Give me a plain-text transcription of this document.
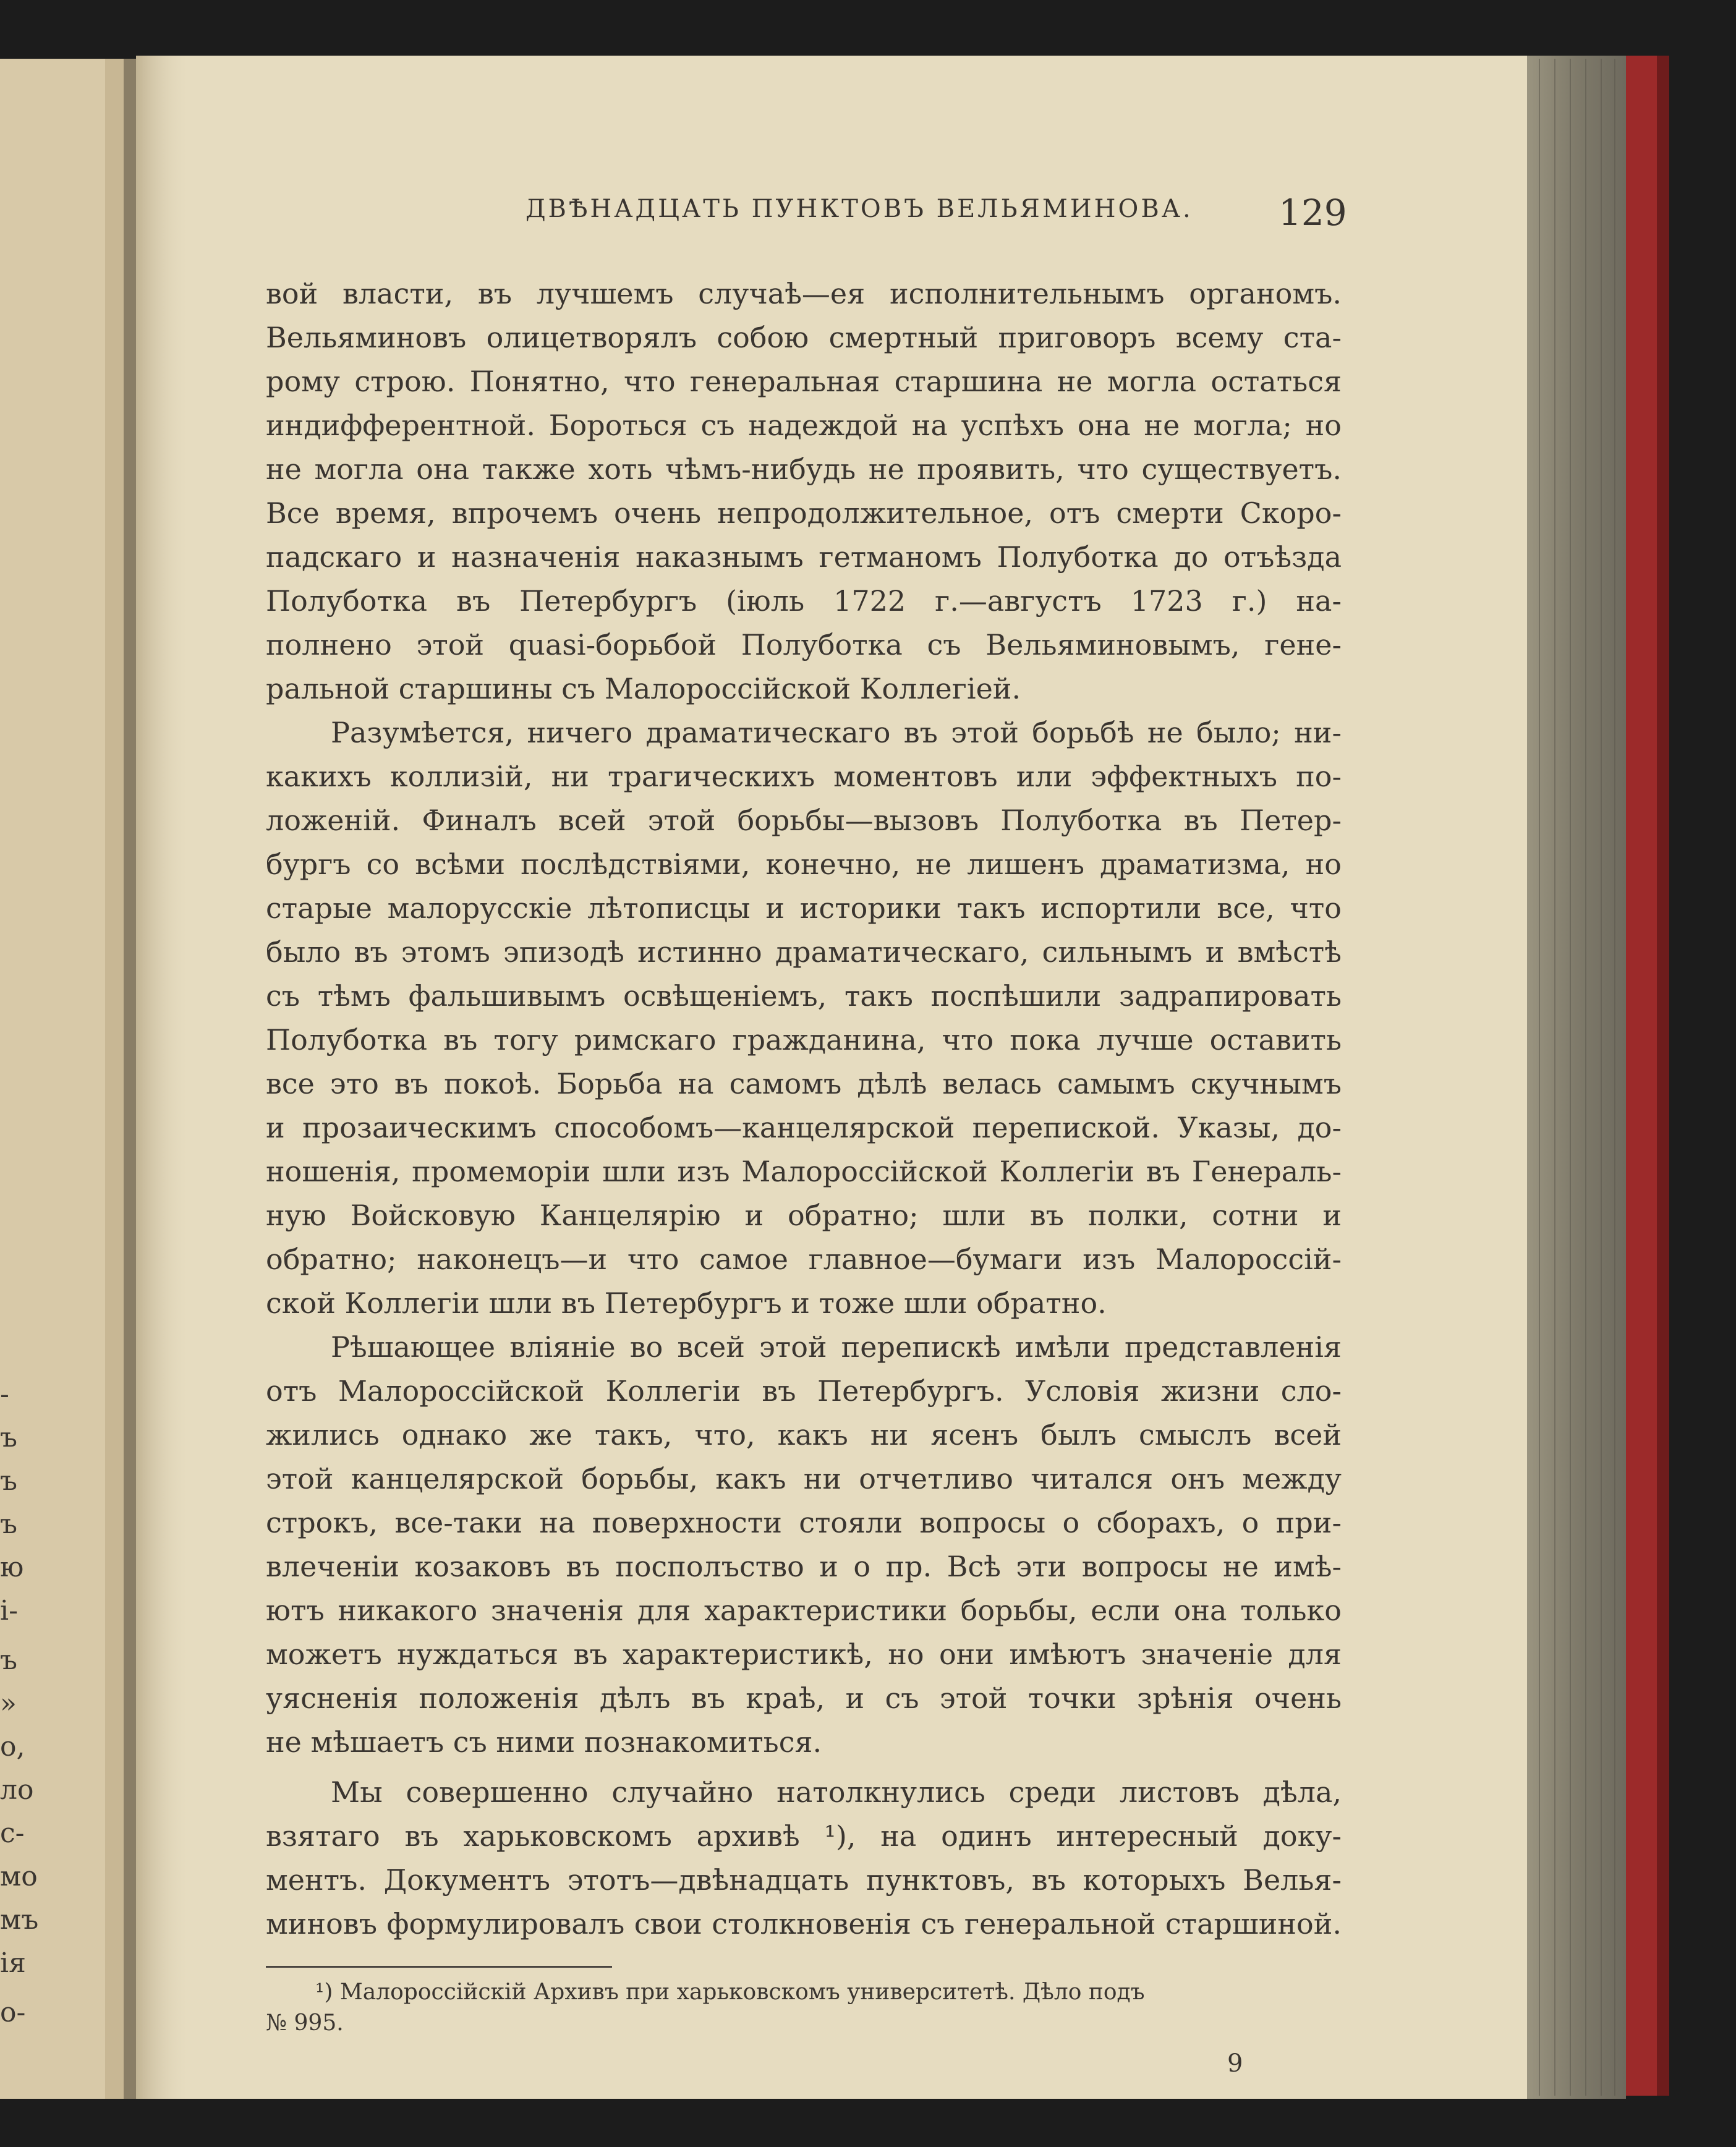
-
ъ
ъ
ъ
ю
і-
ъ
»
о,
ло
с-
мо
мъ
ія
о-
ДВѢНАДЦАТЬ ПУНКТОВЪ ВЕЛЬЯМИНОВА. 129
вой власти, въ лучшемъ случаѣ—ея исполнительнымъ органомъ.
Вельяминовъ олицетворялъ собою смертный приговоръ всему ста-
рому строю. Понятно, что генеральная старшина не могла остаться
индифферентной. Бороться съ надеждой на успѣхъ она не могла; но
не могла она также хоть чѣмъ-нибудь не проявить, что существуетъ.
Все время, впрочемъ очень непродолжительное, отъ смерти Скоро-
падскаго и назначенія наказнымъ гетманомъ Полуботка до отъѣзда
Полуботка въ Петербургъ (іюль 1722 г.—августъ 1723 г.) на-
полнено этой quasi-борьбой Полуботка съ Вельяминовымъ, гене-
ральной старшины съ Малороссійской Коллегіей.
Разумѣется, ничего драматическаго въ этой борьбѣ не было; ни-
какихъ коллизій, ни трагическихъ моментовъ или эффектныхъ по-
ложеній. Финалъ всей этой борьбы—вызовъ Полуботка въ Петер-
бургъ со всѣми послѣдствіями, конечно, не лишенъ драматизма, но
старые малорусскіе лѣтописцы и историки такъ испортили все, что
было въ этомъ эпизодѣ истинно драматическаго, сильнымъ и вмѣстѣ
съ тѣмъ фальшивымъ освѣщеніемъ, такъ поспѣшили задрапировать
Полуботка въ тогу римскаго гражданина, что пока лучше оставить
все это въ покоѣ. Борьба на самомъ дѣлѣ велась самымъ скучнымъ
и прозаическимъ способомъ—канцелярской перепиской. Указы, до-
ношенія, промеморіи шли изъ Малороссійской Коллегіи въ Генераль-
ную Войсковую Канцелярію и обратно; шли въ полки, сотни и
обратно; наконецъ—и что самое главное—бумаги изъ Малороссій-
ской Коллегіи шли въ Петербургъ и тоже шли обратно.
Рѣшающее вліяніе во всей этой перепискѣ имѣли представленія
отъ Малороссійской Коллегіи въ Петербургъ. Условія жизни сло-
жились однако же такъ, что, какъ ни ясенъ былъ смыслъ всей
этой канцелярской борьбы, какъ ни отчетливо читался онъ между
строкъ, все-таки на поверхности стояли вопросы о сборахъ, о при-
влеченіи козаковъ въ посполъство и о пр. Всѣ эти вопросы не имѣ-
ютъ никакого значенія для характеристики борьбы, если она только
можетъ нуждаться въ характеристикѣ, но они имѣютъ значеніе для
уясненія положенія дѣлъ въ краѣ, и съ этой точки зрѣнія очень
не мѣшаетъ съ ними познакомиться.
Мы совершенно случайно натолкнулись среди листовъ дѣла,
взятаго въ харьковскомъ архивѣ ¹), на одинъ интересный доку-
ментъ. Документъ этотъ—двѣнадцать пунктовъ, въ которыхъ Велья-
миновъ формулировалъ свои столкновенія съ генеральной старшиной.
¹) Малороссійскій Архивъ при харьковскомъ университетѣ. Дѣло подъ
№ 995.
9
